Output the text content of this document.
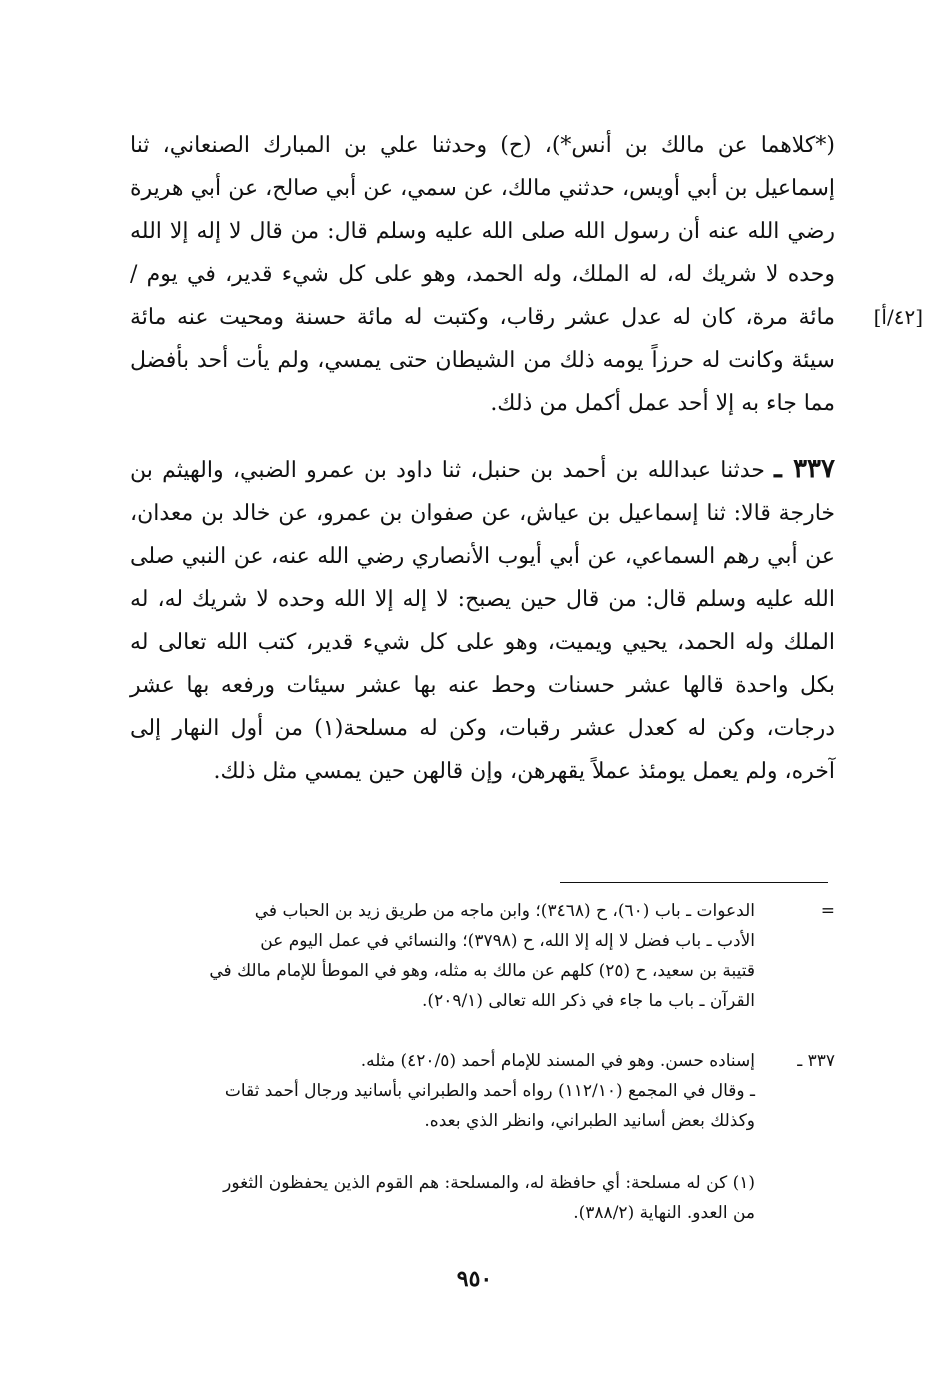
(*كلاهما عن مالك بن أنس*)، (ح) وحدثنا علي بن المبارك الصنعاني، ثنا إسماعيل بن أبي أويس، حدثني مالك، عن سمي، عن أبي صالح، عن أبي هريرة رضي الله عنه أن رسول الله صلى الله عليه وسلم قال: من قال لا إله إلا الله وحده لا شريك له، له الملك، وله الحمد، وهو على كل شيء قدير، في يوم / مائة مرة، كان له عدل عشر رقاب، وكتبت له مائة حسنة ومحيت عنه مائة سيئة وكانت له حرزاً يومه ذلك من الشيطان حتى يمسي، ولم يأت أحد بأفضل مما جاء به إلا أحد عمل أكمل من ذلك.

[٤٢/أ]

٣٣٧ ـ حدثنا عبدالله بن أحمد بن حنبل، ثنا داود بن عمرو الضبي، والهيثم بن خارجة قالا: ثنا إسماعيل بن عياش، عن صفوان بن عمرو، عن خالد بن معدان، عن أبي رهم السماعي، عن أبي أيوب الأنصاري رضي الله عنه، عن النبي صلى الله عليه وسلم قال: من قال حين يصبح: لا إله إلا الله وحده لا شريك له، له الملك وله الحمد، يحيي ويميت، وهو على كل شيء قدير، كتب الله تعالى له بكل واحدة قالها عشر حسنات وحط عنه بها عشر سيئات ورفعه بها عشر درجات، وكن له كعدل عشر رقبات، وكن له مسلحة(١) من أول النهار إلى آخره، ولم يعمل يومئذ عملاً يقهرهن، وإن قالهن حين يمسي مثل ذلك.

=

الدعوات ـ باب (٦٠)، ح (٣٤٦٨)؛ وابن ماجه من طريق زيد بن الحباب في

الأدب ـ باب فضل لا إله إلا الله، ح (٣٧٩٨)؛ والنسائي في عمل اليوم عن

قتيبة بن سعيد، ح (٢٥) كلهم عن مالك به مثله، وهو في الموطأ للإمام مالك في

القرآن ـ باب ما جاء في ذكر الله تعالى (٢٠٩/١).

٣٣٧ ـ

إسناده حسن. وهو في المسند للإمام أحمد (٤٢٠/٥) مثله.

ـ وقال في المجمع (١١٢/١٠) رواه أحمد والطبراني بأسانيد ورجال أحمد ثقات

وكذلك بعض أسانيد الطبراني، وانظر الذي بعده.

(١) كن له مسلحة: أي حافظة له، والمسلحة: هم القوم الذين يحفظون الثغور

من العدو. النهاية (٣٨٨/٢).

٩٥٠
